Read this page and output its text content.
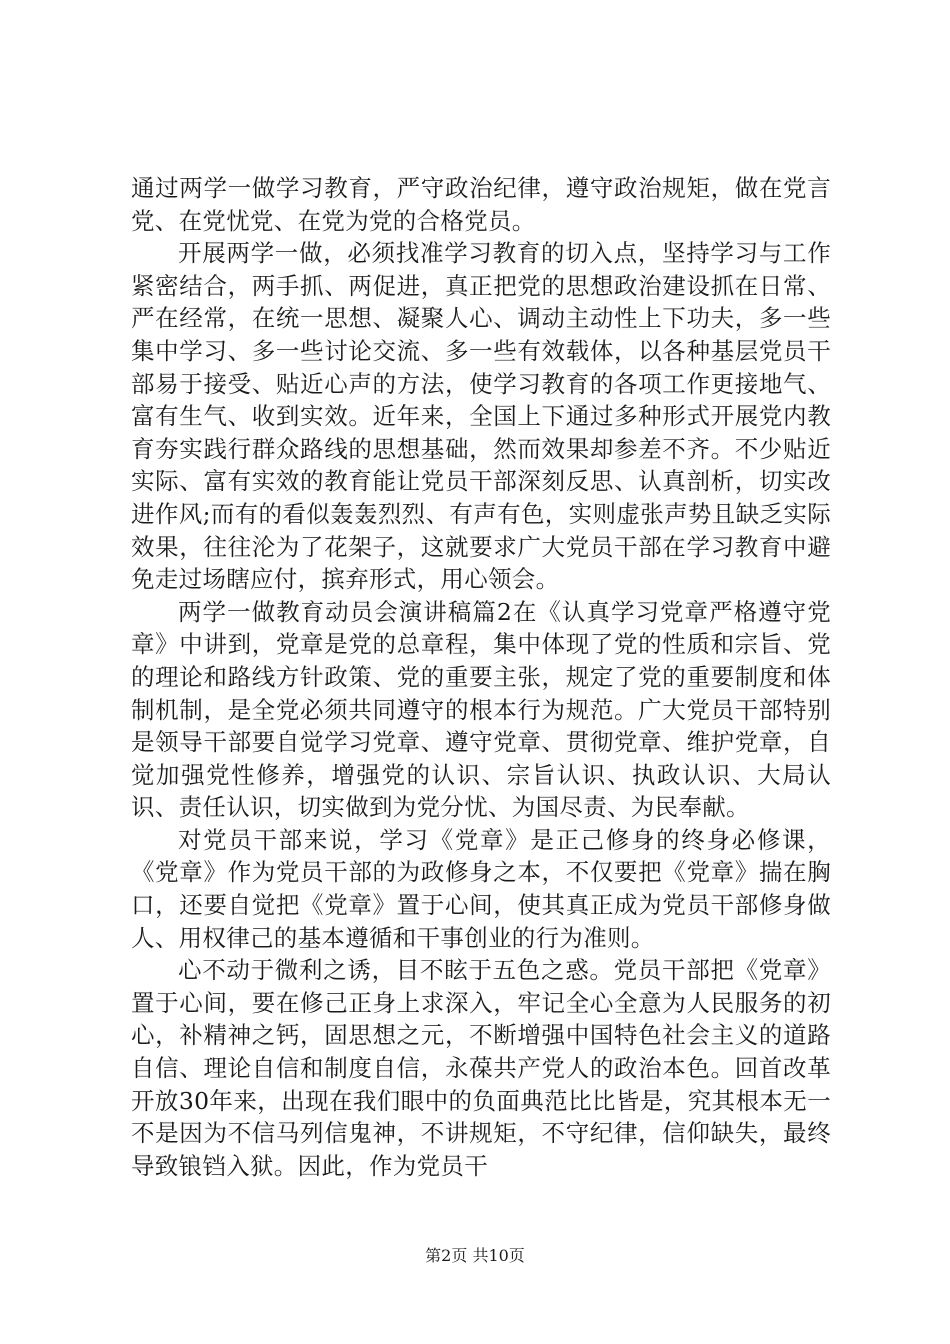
通过两学一做学习教育，严守政治纪律，遵守政治规矩，做在党言党、在党忧党、在党为党的合格党员。

开展两学一做，必须找准学习教育的切入点，坚持学习与工作紧密结合，两手抓、两促进，真正把党的思想政治建设抓在日常、严在经常，在统一思想、凝聚人心、调动主动性上下功夫，多一些集中学习、多一些讨论交流、多一些有效载体，以各种基层党员干部易于接受、贴近心声的方法，使学习教育的各项工作更接地气、富有生气、收到实效。近年来，全国上下通过多种形式开展党内教育夯实践行群众路线的思想基础，然而效果却参差不齐。不少贴近实际、富有实效的教育能让党员干部深刻反思、认真剖析，切实改进作风;而有的看似轰轰烈烈、有声有色，实则虚张声势且缺乏实际效果，往往沦为了花架子，这就要求广大党员干部在学习教育中避免走过场瞎应付，摈弃形式，用心领会。

两学一做教育动员会演讲稿篇2在《认真学习党章严格遵守党章》中讲到，党章是党的总章程，集中体现了党的性质和宗旨、党的理论和路线方针政策、党的重要主张，规定了党的重要制度和体制机制，是全党必须共同遵守的根本行为规范。广大党员干部特别是领导干部要自觉学习党章、遵守党章、贯彻党章、维护党章，自觉加强党性修养，增强党的认识、宗旨认识、执政认识、大局认识、责任认识，切实做到为党分忧、为国尽责、为民奉献。

对党员干部来说，学习《党章》是正己修身的终身必修课，《党章》作为党员干部的为政修身之本，不仅要把《党章》揣在胸口，还要自觉把《党章》置于心间，使其真正成为党员干部修身做人、用权律己的基本遵循和干事创业的行为准则。

心不动于微利之诱，目不眩于五色之惑。党员干部把《党章》置于心间，要在修己正身上求深入，牢记全心全意为人民服务的初心，补精神之钙，固思想之元，不断增强中国特色社会主义的道路自信、理论自信和制度自信，永葆共产党人的政治本色。回首改革开放30年来，出现在我们眼中的负面典范比比皆是，究其根本无一不是因为不信马列信鬼神，不讲规矩，不守纪律，信仰缺失，最终导致锒铛入狱。因此，作为党员干

第2页 共10页
